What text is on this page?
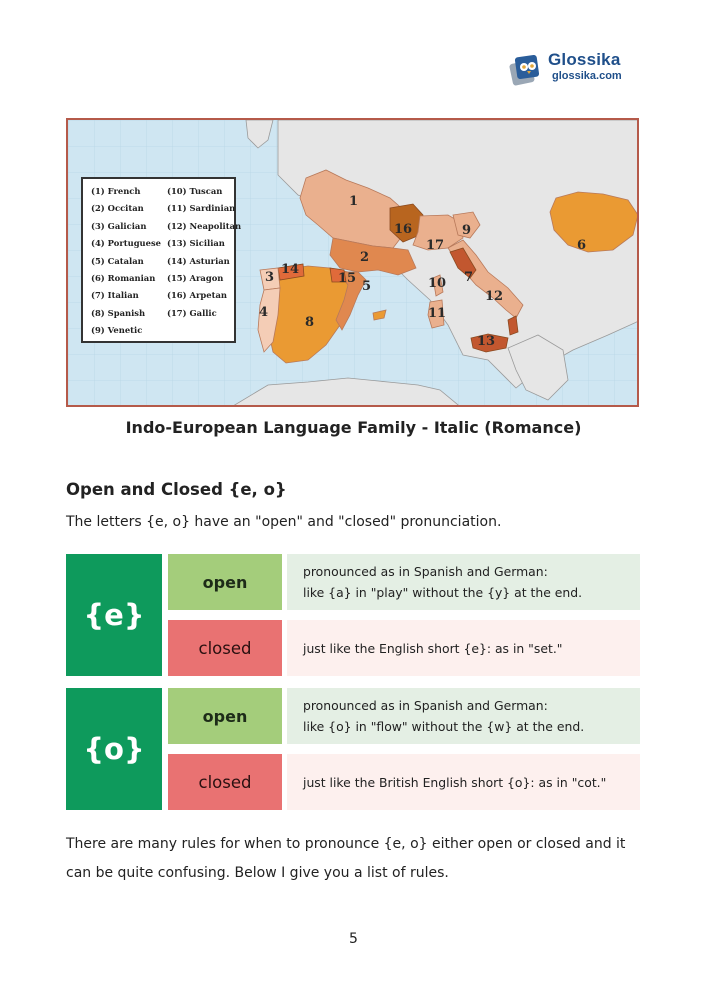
Glossika
glossika.com
(1) French
(2) Occitan
(3) Galician
(4) Portuguese
(5) Catalan
(6) Romanian
(7) Italian
(8) Spanish
(9) Venetic
(10) Tuscan
(11) Sardinian
(12) Neapolitan
(13) Sicilian
(14) Asturian
(15) Aragon
(16) Arpetan
(17) Gallic
1
2
3
4
5
6
7
8
9
10
11
12
13
14
15
16
17
Indo-European Language Family - Italic (Romance)
Open and Closed {e, o}
The letters {e, o} have an "open" and "closed" pronunciation.
{e}
open
pronounced as in Spanish and German:
like {a} in "play" without the {y} at the end.
closed	just like the English short {e}: as in "set."
{o}
open
pronounced as in Spanish and German:
like {o} in "flow" without the {w} at the end.
closed	just like the British English short {o}: as in "cot."
There are many rules for when to pronounce {e, o} either open or closed and it can be quite confusing. Below I give you a list of rules.
5
